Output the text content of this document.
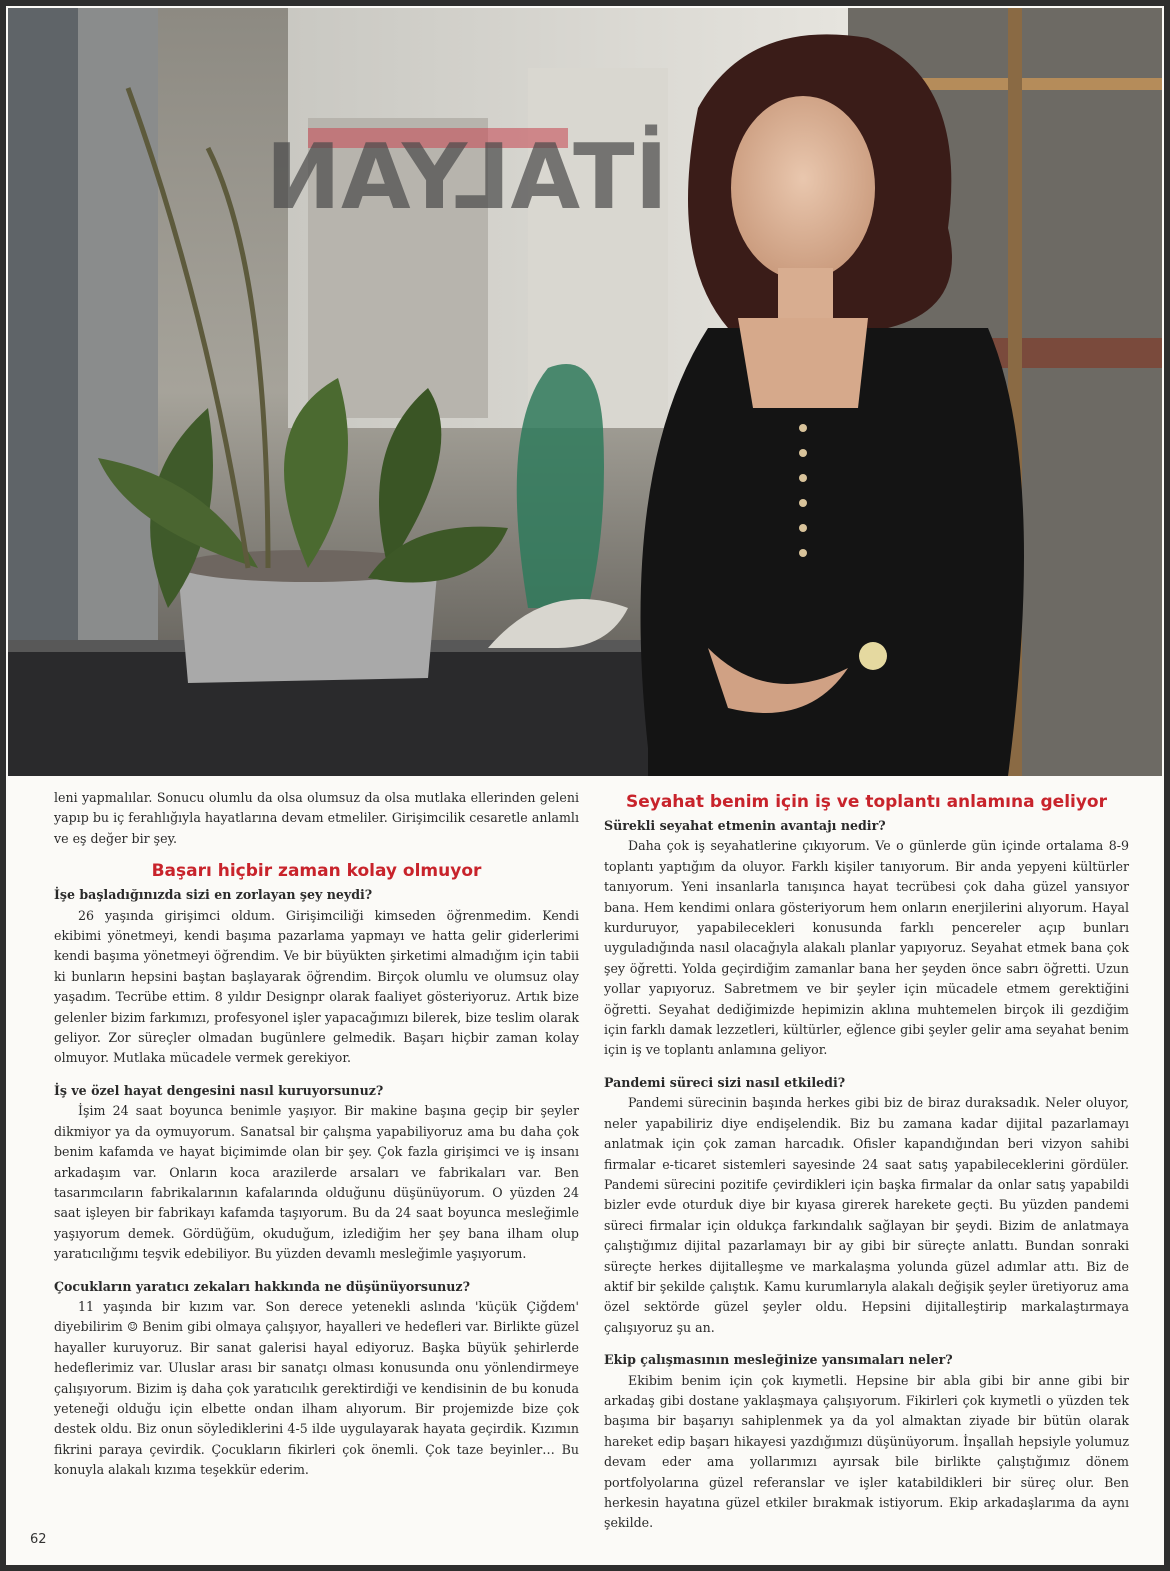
İTALYAN

leni yapmalılar. Sonucu olumlu da olsa olumsuz da olsa mutlaka ellerinden geleni yapıp bu iç ferahlığıyla hayatlarına devam etmeliler. Girişimcilik cesaretle anlamlı ve eş değer bir şey.

Başarı hiçbir zaman kolay olmuyor

İşe başladığınızda sizi en zorlayan şey neydi?

26 yaşında girişimci oldum. Girişimciliği kimseden öğrenmedim. Kendi ekibimi yönetmeyi, kendi başıma pazarlama yapmayı ve hatta gelir giderlerimi kendi başıma yönetmeyi öğrendim. Ve bir büyükten şirketimi almadığım için tabii ki bunların hepsini baştan başlayarak öğrendim. Birçok olumlu ve olumsuz olay yaşadım. Tecrübe ettim. 8 yıldır Designpr olarak faaliyet gösteriyoruz. Artık bize gelenler bizim farkımızı, profesyonel işler yapacağımızı bilerek, bize teslim olarak geliyor. Zor süreçler olmadan bugünlere gelmedik. Başarı hiçbir zaman kolay olmuyor. Mutlaka mücadele vermek gerekiyor.

İş ve özel hayat dengesini nasıl kuruyorsunuz?

İşim 24 saat boyunca benimle yaşıyor. Bir makine başına geçip bir şeyler dikmiyor ya da oymuyorum. Sanatsal bir çalışma yapabiliyoruz ama bu daha çok benim kafamda ve hayat biçimimde olan bir şey. Çok fazla girişimci ve iş insanı arkadaşım var. Onların koca arazilerde arsaları ve fabrikaları var. Ben tasarımcıların fabrikalarının kafalarında olduğunu düşünüyorum. O yüzden 24 saat işleyen bir fabrikayı kafamda taşıyorum. Bu da 24 saat boyunca mesleğimle yaşıyorum demek. Gördüğüm, okuduğum, izlediğim her şey bana ilham olup yaratıcılığımı teşvik edebiliyor. Bu yüzden devamlı mesleğimle yaşıyorum.

Çocukların yaratıcı zekaları hakkında ne düşünüyorsunuz?

11 yaşında bir kızım var. Son derece yetenekli aslında 'küçük Çiğdem' diyebilirim ☺ Benim gibi olmaya çalışıyor, hayalleri ve hedefleri var. Birlikte güzel hayaller kuruyoruz. Bir sanat galerisi hayal ediyoruz. Başka büyük şehirlerde hedeflerimiz var. Uluslar arası bir sanatçı olması konusunda onu yönlendirmeye çalışıyorum. Bizim iş daha çok yaratıcılık gerektirdiği ve kendisinin de bu konuda yeteneği olduğu için elbette ondan ilham alıyorum. Bir projemizde bize çok destek oldu. Biz onun söylediklerini 4-5 ilde uygulayarak hayata geçirdik. Kızımın fikrini paraya çevirdik. Çocukların fikirleri çok önemli. Çok taze beyinler… Bu konuyla alakalı kızıma teşekkür ederim.

Seyahat benim için iş ve toplantı anlamına geliyor

Sürekli seyahat etmenin avantajı nedir?

Daha çok iş seyahatlerine çıkıyorum. Ve o günlerde gün içinde ortalama 8-9 toplantı yaptığım da oluyor. Farklı kişiler tanıyorum. Bir anda yepyeni kültürler tanıyorum. Yeni insanlarla tanışınca hayat tecrübesi çok daha güzel yansıyor bana. Hem kendimi onlara gösteriyorum hem onların enerjilerini alıyorum. Hayal kurduruyor, yapabilecekleri konusunda farklı pencereler açıp bunları uyguladığında nasıl olacağıyla alakalı planlar yapıyoruz. Seyahat etmek bana çok şey öğretti. Yolda geçirdiğim zamanlar bana her şeyden önce sabrı öğretti. Uzun yollar yapıyoruz. Sabretmem ve bir şeyler için mücadele etmem gerektiğini öğretti. Seyahat dediğimizde hepimizin aklına muhtemelen birçok ili gezdiğim için farklı damak lezzetleri, kültürler, eğlence gibi şeyler gelir ama seyahat benim için iş ve toplantı anlamına geliyor.

Pandemi süreci sizi nasıl etkiledi?

Pandemi sürecinin başında herkes gibi biz de biraz duraksadık. Neler oluyor, neler yapabiliriz diye endişelendik. Biz bu zamana kadar dijital pazarlamayı anlatmak için çok zaman harcadık. Ofisler kapandığından beri vizyon sahibi firmalar e-ticaret sistemleri sayesinde 24 saat satış yapabileceklerini gördüler. Pandemi sürecini pozitife çevirdikleri için başka firmalar da onlar satış yapabildi bizler evde oturduk diye bir kıyasa girerek harekete geçti. Bu yüzden pandemi süreci firmalar için oldukça farkındalık sağlayan bir şeydi. Bizim de anlatmaya çalıştığımız dijital pazarlamayı bir ay gibi bir süreçte anlattı. Bundan sonraki süreçte herkes dijitalleşme ve markalaşma yolunda güzel adımlar attı. Biz de aktif bir şekilde çalıştık. Kamu kurumlarıyla alakalı değişik şeyler üretiyoruz ama özel sektörde güzel şeyler oldu. Hepsini dijitalleştirip markalaştırmaya çalışıyoruz şu an.

Ekip çalışmasının mesleğinize yansımaları neler?

Ekibim benim için çok kıymetli. Hepsine bir abla gibi bir anne gibi bir arkadaş gibi dostane yaklaşmaya çalışıyorum. Fikirleri çok kıymetli o yüzden tek başıma bir başarıyı sahiplenmek ya da yol almaktan ziyade bir bütün olarak hareket edip başarı hikayesi yazdığımızı düşünüyorum. İnşallah hepsiyle yolumuz devam eder ama yollarımızı ayırsak bile birlikte çalıştığımız dönem portfolyolarına güzel referanslar ve işler katabildikleri bir süreç olur. Ben herkesin hayatına güzel etkiler bırakmak istiyorum. Ekip arkadaşlarıma da aynı şekilde.

62
